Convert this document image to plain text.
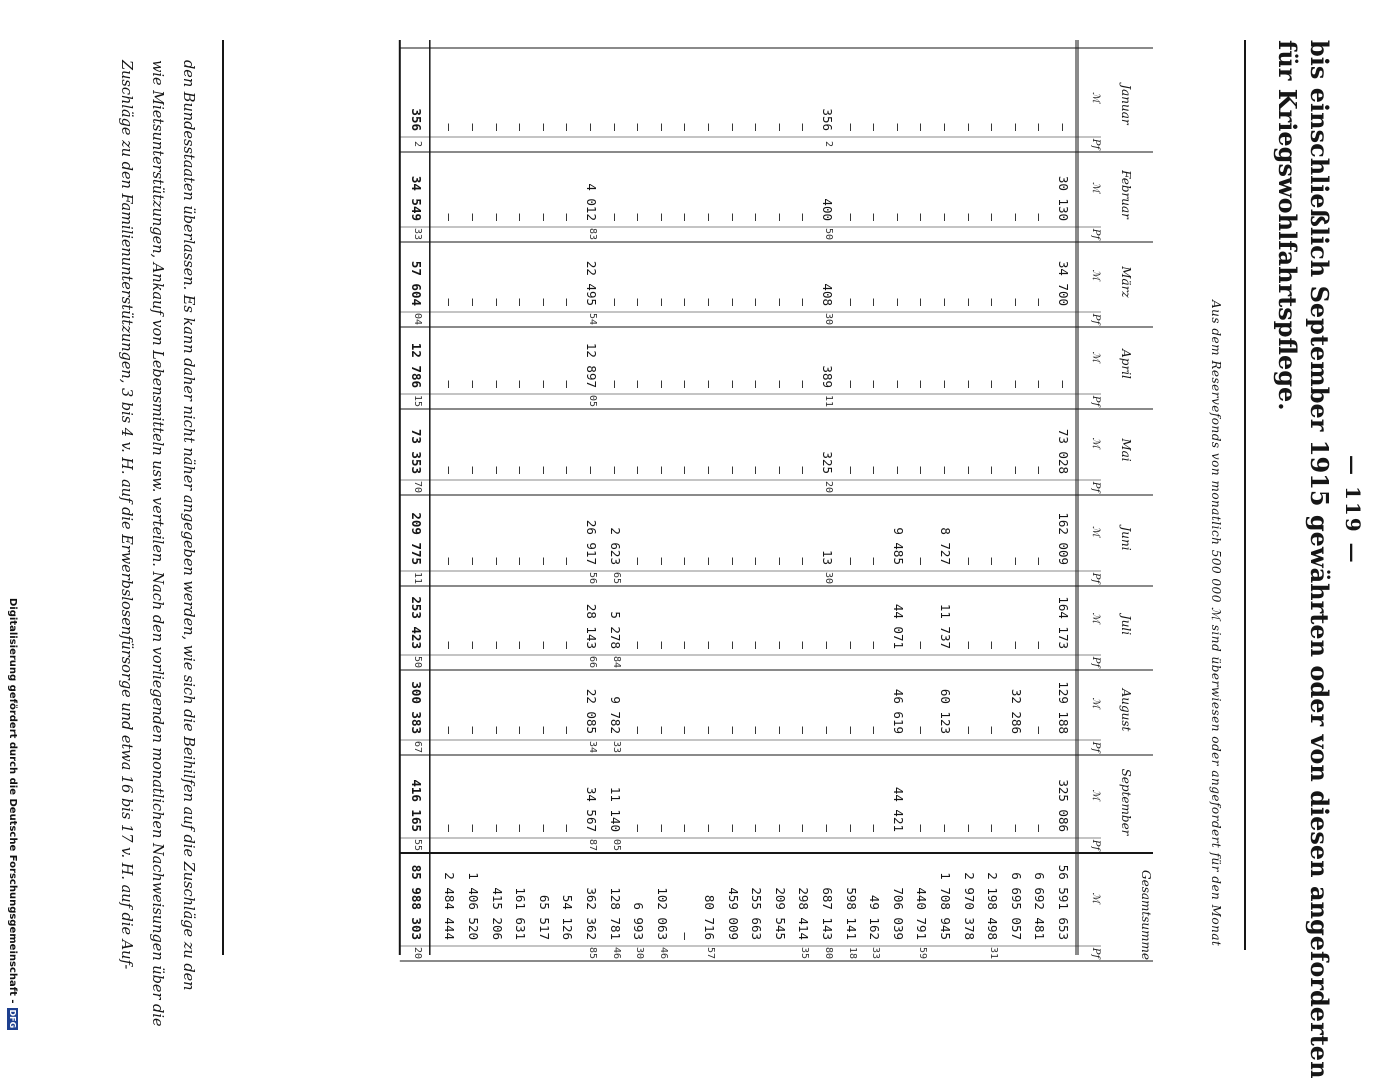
— 119 —
bis einschließlich September 1915 gewährten oder von diesen angeforderten
für Kriegswohlfahrtspflege.
Aus dem Reservefonds von monatlich 500 000 ℳ sind überwiesen oder angefordert für den Monat
Gesamtsumme
Januar
Februar
März
April
Mai
Juni
Juli
August
September
ℳ
Pf
ℳ
Pf
ℳ
Pf
ℳ
Pf
ℳ
Pf
ℳ
Pf
ℳ
Pf
ℳ
Pf
ℳ
Pf
ℳ
Pf
—
30 130
34 700
—
73 028
162 009
164 173
129 188
325 086
56 591 653
—
—
—
—
—
—
—
—
—
6 692 481
—
—
—
—
—
—
—
32 286
—
6 695 057
—
—
—
—
—
—
—
—
—
2 198 498
31
—
—
—
—
—
—
—
—
—
2 970 378
—
—
—
—
—
8 727
11 737
60 123
—
1 708 945
—
—
—
—
—
—
—
—
—
440 791
59
—
—
—
—
—
9 485
44 071
46 619
44 421
706 039
—
—
—
—
—
—
—
—
—
49 162
33
—
—
—
—
—
—
—
—
—
598 141
18
356
2
400
50
408
30
389
11
325
20
13
30
—
—
—
687 143
80
—
—
—
—
—
—
—
—
—
298 414
35
—
—
—
—
—
—
—
—
—
209 545
—
—
—
—
—
—
—
—
—
255 663
—
—
—
—
—
—
—
—
—
459 009
—
—
—
—
—
—
—
—
—
80 716
57
—
—
—
—
—
—
—
—
—
—
—
—
—
—
—
—
—
—
—
102 063
46
—
—
—
—
—
—
—
—
—
6 993
30
—
—
—
—
—
2 623
65
5 278
84
9 782
33
11 140
05
128 781
46
—
4 012
83
22 495
54
12 897
05
—
26 917
56
28 143
66
22 085
34
34 567
87
362 362
85
—
—
—
—
—
—
—
—
—
54 126
—
—
—
—
—
—
—
—
—
65 517
—
—
—
—
—
—
—
—
—
161 631
—
—
—
—
—
—
—
—
—
415 206
—
—
—
—
—
—
—
—
—
1 406 520
—
—
—
—
—
—
—
—
—
2 484 444
356
2
34 549
33
57 604
04
12 786
15
73 353
70
209 775
11
253 423
50
300 383
67
416 165
55
85 988 303
20
den Bundesstaaten überlassen. Es kann daher nicht näher angegeben werden, wie sich die Beihilfen auf die Zuschläge zu den
wie Mietsunterstützungen, Ankauf von Lebensmitteln usw. verteilen. Nach den vorliegenden monatlichen Nachweisungen über die
Zuschläge zu den Familienunterstützungen, 3 bis 4 v. H. auf die Erwerbslosenfürsorge und etwa 16 bis 17 v. H. auf die Auf-
Digitalisierung gefördert durch die Deutsche Forschungsgemeinschaft -DFG
